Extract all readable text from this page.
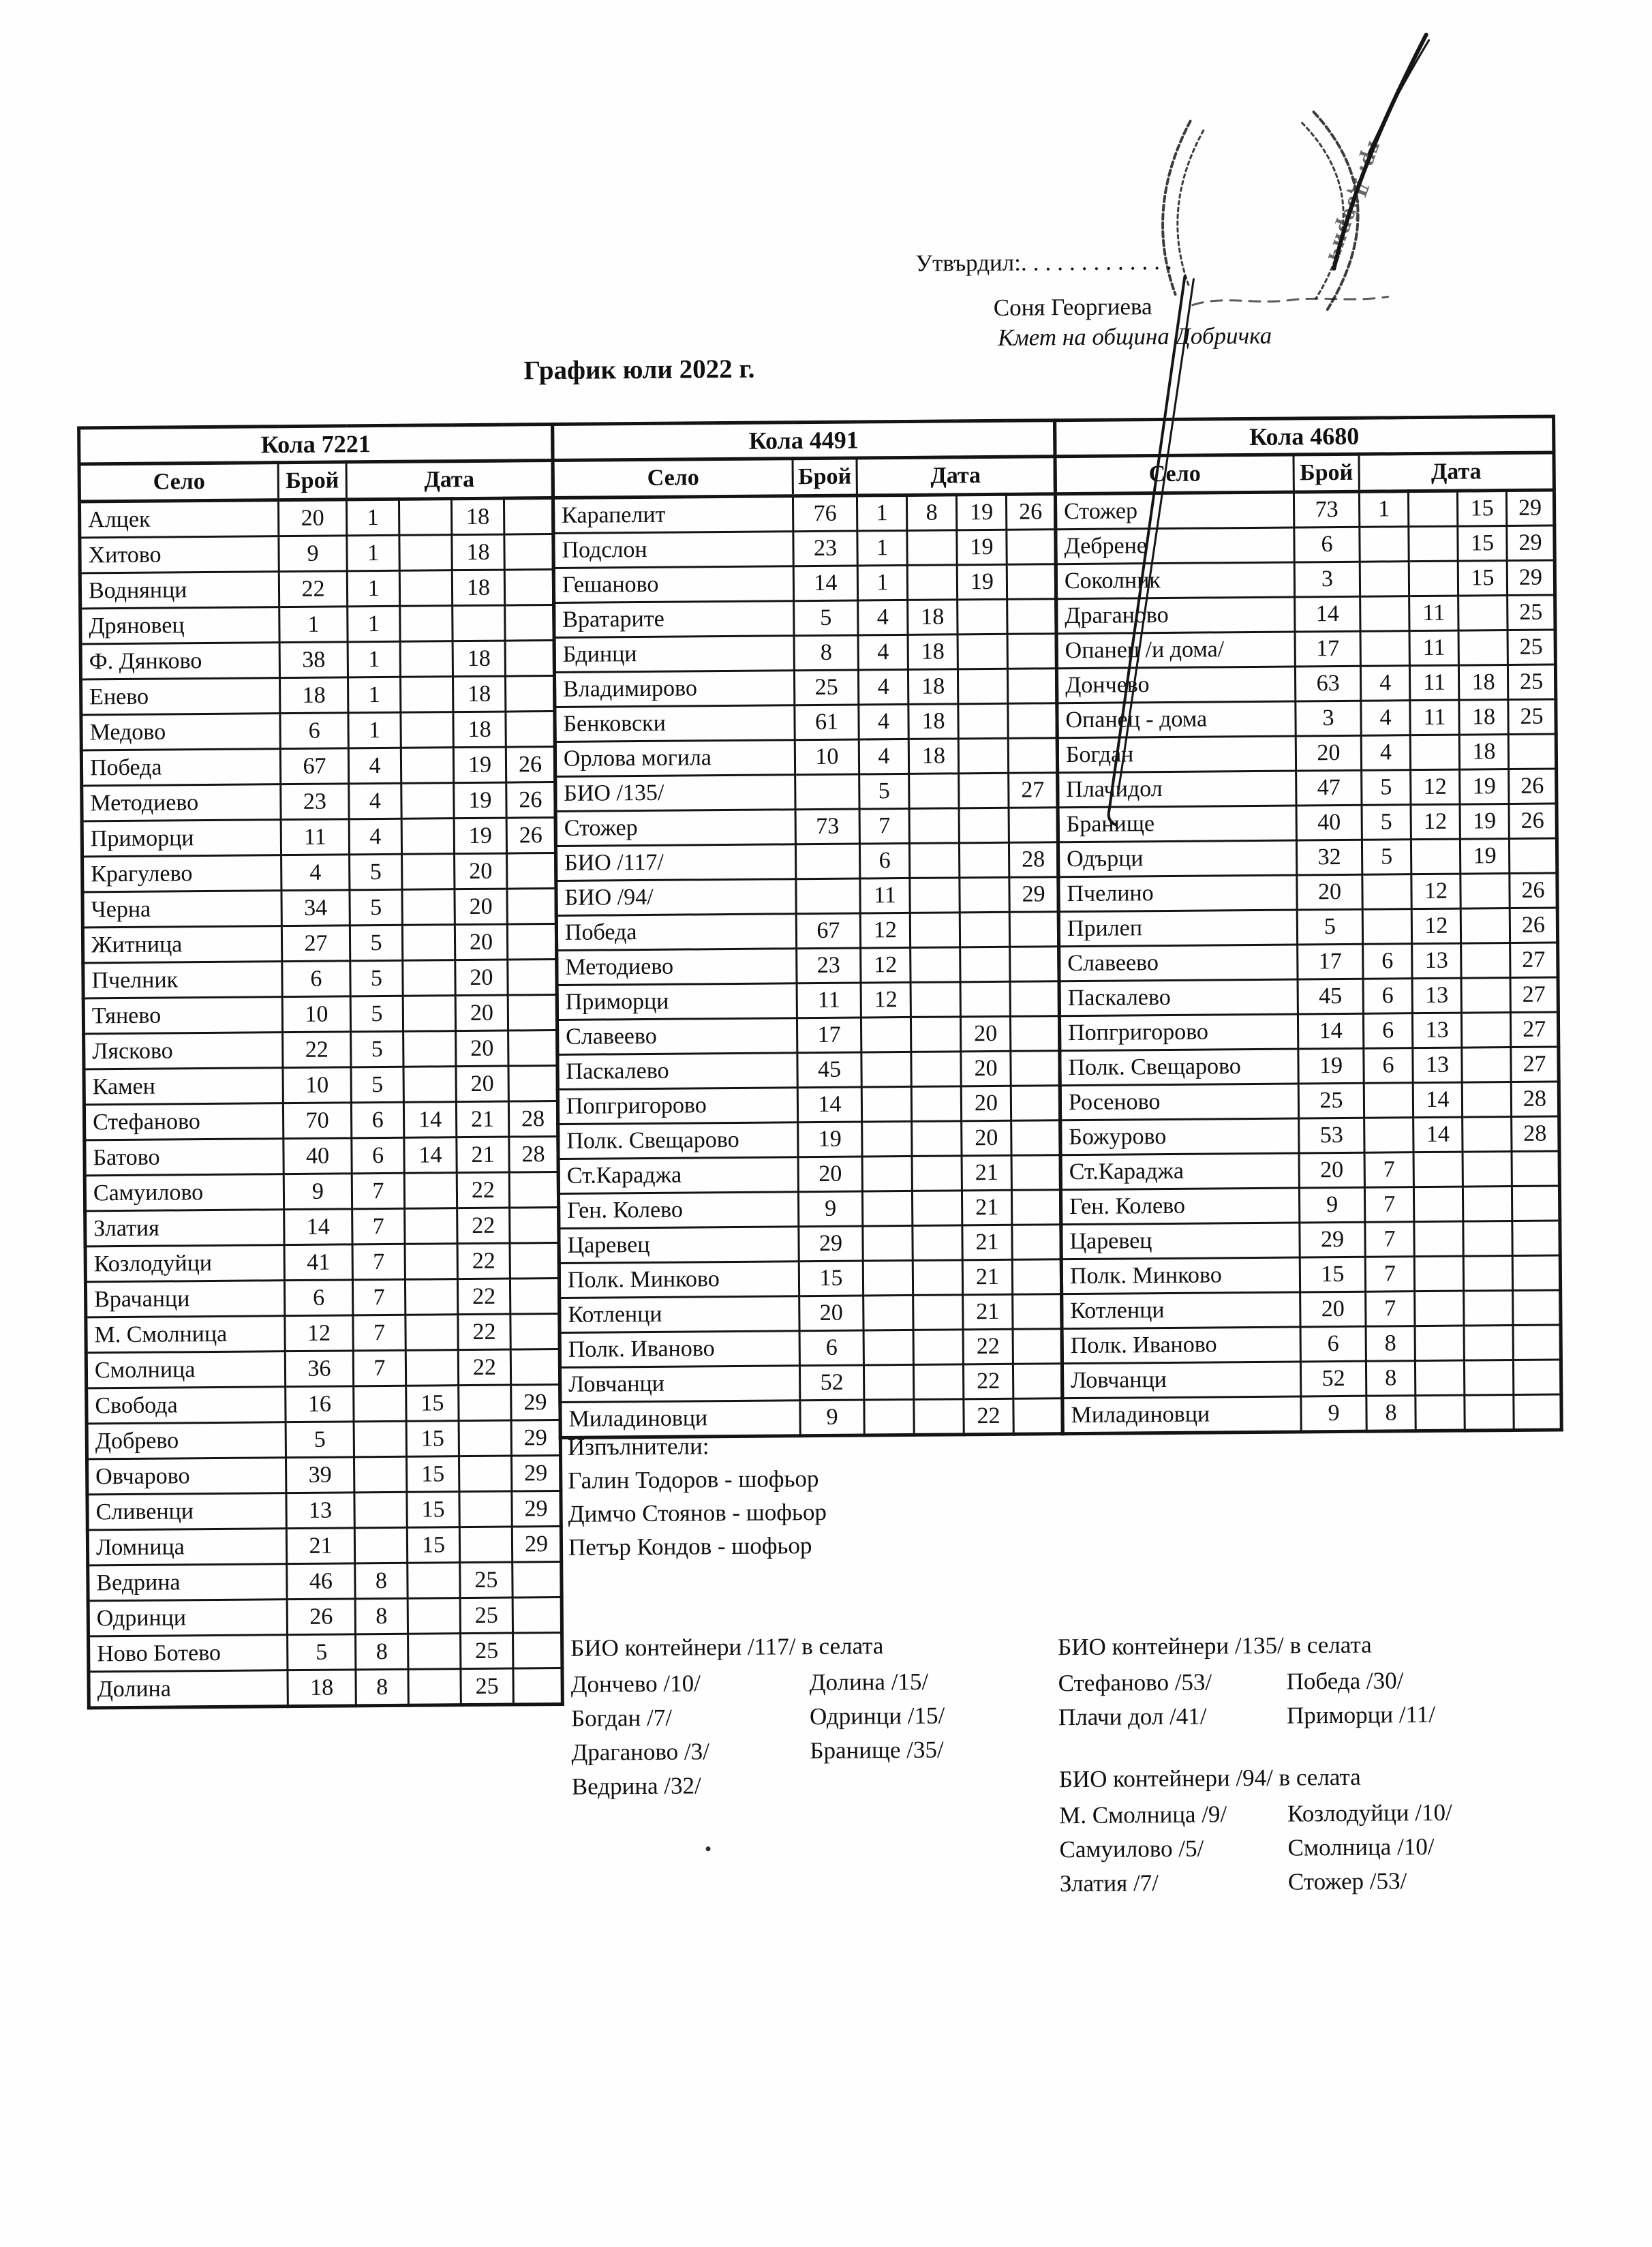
Утвърдил:.............
Соня Георгиева
Кмет на община Добричка
График юли 2022 г.
Кола 7221					
Село	Брой	Дата			
Алцек	20	1		18	
Хитово	9	1		18	
Воднянци	22	1		18	
Дряновец	1	1			
Ф. Дянково	38	1		18	
Енево	18	1		18	
Медово	6	1		18	
Победа	67	4		19	26
Методиево	23	4		19	26
Приморци	11	4		19	26
Крагулево	4	5		20	
Черна	34	5		20	
Житница	27	5		20	
Пчелник	6	5		20	
Тянево	10	5		20	
Лясково	22	5		20	
Камен	10	5		20	
Стефаново	70	6	14	21	28
Батово	40	6	14	21	28
Самуилово	9	7		22	
Златия	14	7		22	
Козлодуйци	41	7		22	
Врачанци	6	7		22	
М. Смолница	12	7		22	
Смолница	36	7		22	
Свобода	16		15		29
Добрево	5		15		29
Овчарово	39		15		29
Сливенци	13		15		29
Ломница	21		15		29
Ведрина	46	8		25	
Одринци	26	8		25	
Ново Ботево	5	8		25	
Долина	18	8		25	
Кола 4491					
Село	Брой	Дата			
Карапелит	76	1	8	19	26
Подслон	23	1		19	
Гешаново	14	1		19	
Вратарите	5	4	18		
Бдинци	8	4	18		
Владимирово	25	4	18		
Бенковски	61	4	18		
Орлова могила	10	4	18		
БИО /135/		5			27
Стожер	73	7			
БИО /117/		6			28
БИО /94/		11			29
Победа	67	12			
Методиево	23	12			
Приморци	11	12			
Славеево	17			20	
Паскалево	45			20	
Попгригорово	14			20	
Полк. Свещарово	19			20	
Ст.Караджа	20			21	
Ген. Колево	9			21	
Царевец	29			21	
Полк. Минково	15			21	
Котленци	20			21	
Полк. Иваново	6			22	
Ловчанци	52			22	
Миладиновци	9			22	
Кола 4680					
Село	Брой	Дата			
Стожер	73	1		15	29
Дебрене	6			15	29
Соколник	3			15	29
Драганово	14		11		25
Опанец /и дома/	17		11		25
Дончево	63	4	11	18	25
Опанец - дома	3	4	11	18	25
Богдан	20	4		18	
Плачидол	47	5	12	19	26
Бранище	40	5	12	19	26
Одърци	32	5		19	
Пчелино	20		12		26
Прилеп	5		12		26
Славеево	17	6	13		27
Паскалево	45	6	13		27
Попгригорово	14	6	13		27
Полк. Свещарово	19	6	13		27
Росеново	25		14		28
Божурово	53		14		28
Ст.Караджа	20	7			
Ген. Колево	9	7			
Царевец	29	7			
Полк. Минково	15	7			
Котленци	20	7			
Полк. Иваново	6	8			
Ловчанци	52	8			
Миладиновци	9	8			
Изпълнители:
Галин Тодоров - шофьор
Димчо Стоянов - шофьор
Петър Кондов - шофьор
БИО контейнери /117/ в селата
Дончево /10/	Долина /15/
Богдан /7/	Одринци /15/
Драганово /3/	Бранище /35/
Ведрина /32/
БИО контейнери /135/ в селата
Стефаново /53/	Победа /30/
Плачи дол /41/	Приморци /11/
БИО контейнери /94/ в селата
М. Смолница /9/	Козлодуйци /10/
Самуилово /5/	Смолница /10/
Златия /7/	Стожер /53/
гр. Добрич
